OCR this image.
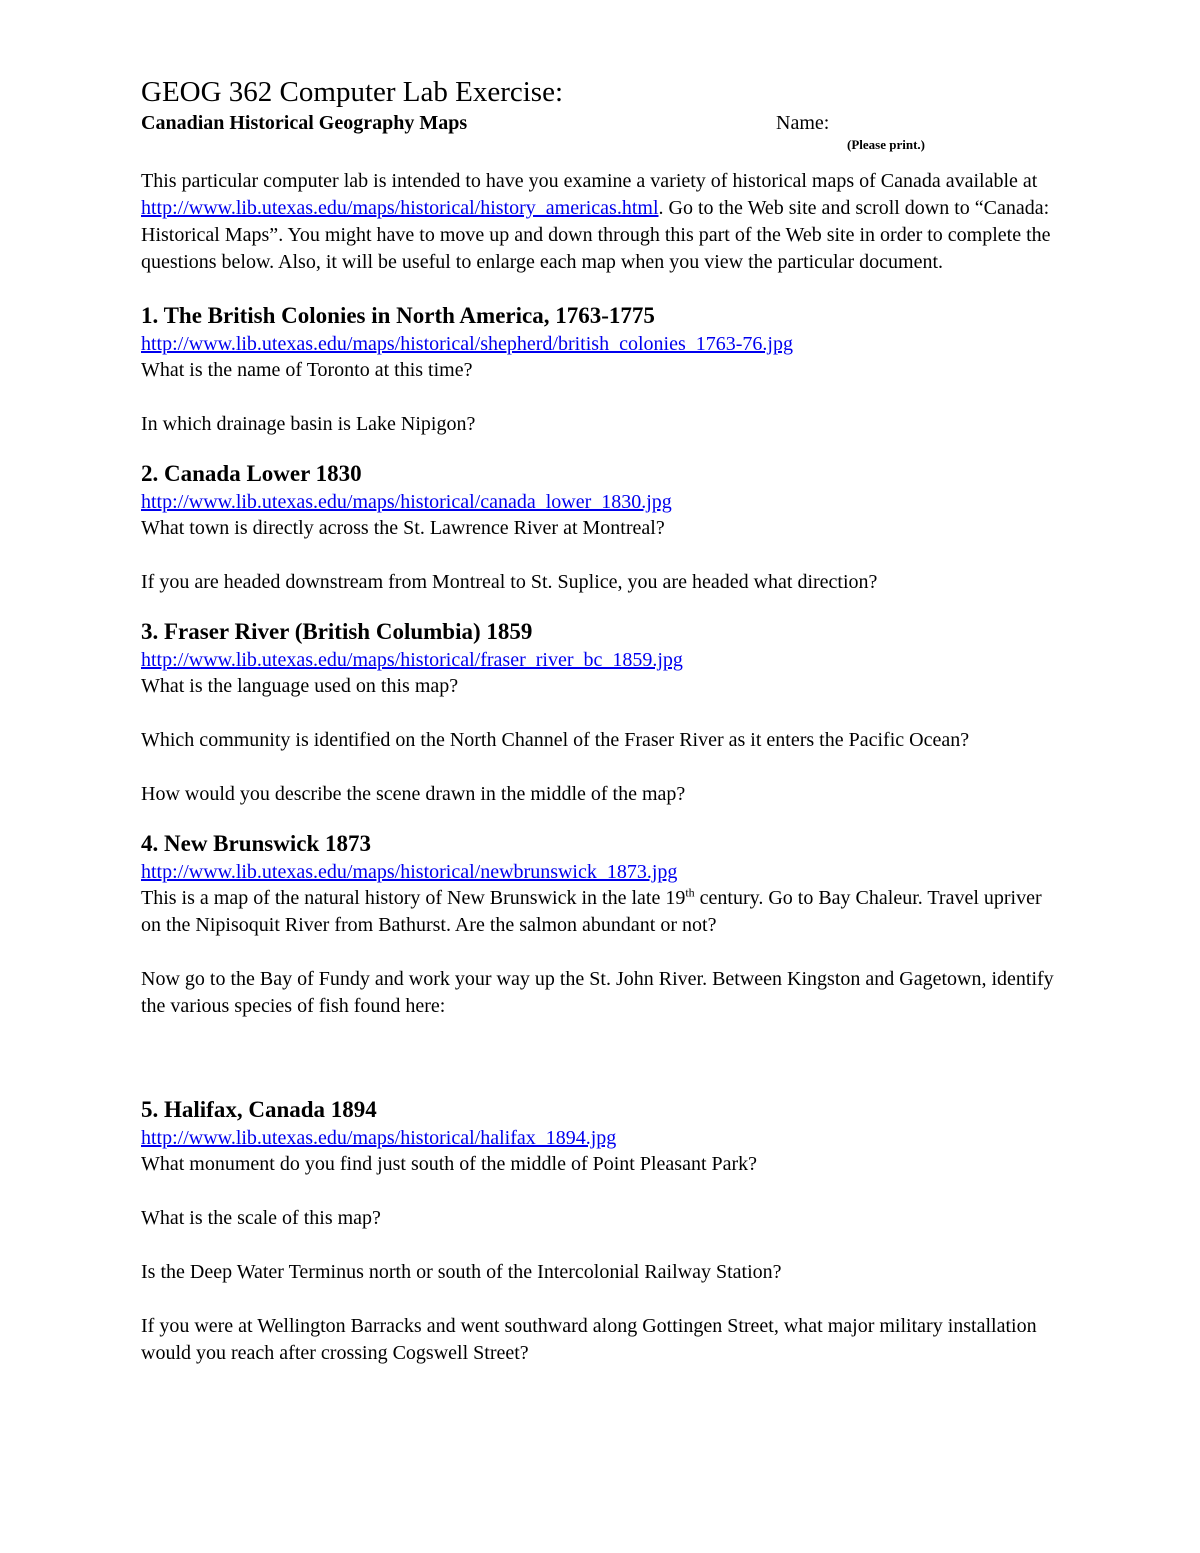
GEOG 362 Computer Lab Exercise:
Canadian Historical Geography Maps	Name:
(Please print.)

This particular computer lab is intended to have you examine a variety of historical maps of Canada available at http://www.lib.utexas.edu/maps/historical/history_americas.html. Go to the Web site and scroll down to “Canada: Historical Maps”. You might have to move up and down through this part of the Web site in order to complete the questions below. Also, it will be useful to enlarge each map when you view the particular document.

1. The British Colonies in North America, 1763-1775
http://www.lib.utexas.edu/maps/historical/shepherd/british_colonies_1763-76.jpg

What is the name of Toronto at this time?

In which drainage basin is Lake Nipigon?

2. Canada Lower 1830
http://www.lib.utexas.edu/maps/historical/canada_lower_1830.jpg

What town is directly across the St. Lawrence River at Montreal?

If you are headed downstream from Montreal to St. Suplice, you are headed what direction?

3. Fraser River (British Columbia) 1859
http://www.lib.utexas.edu/maps/historical/fraser_river_bc_1859.jpg

What is the language used on this map?

Which community is identified on the North Channel of the Fraser River as it enters the Pacific Ocean?

How would you describe the scene drawn in the middle of the map?

4. New Brunswick 1873
http://www.lib.utexas.edu/maps/historical/newbrunswick_1873.jpg

This is a map of the natural history of New Brunswick in the late 19th century. Go to Bay Chaleur. Travel upriver on the Nipisoquit River from Bathurst. Are the salmon abundant or not?

Now go to the Bay of Fundy and work your way up the St. John River. Between Kingston and Gagetown, identify the various species of fish found here:

5. Halifax, Canada 1894
http://www.lib.utexas.edu/maps/historical/halifax_1894.jpg

What monument do you find just south of the middle of Point Pleasant Park?

What is the scale of this map?

Is the Deep Water Terminus north or south of the Intercolonial Railway Station?

If you were at Wellington Barracks and went southward along Gottingen Street, what major military installation would you reach after crossing Cogswell Street?
